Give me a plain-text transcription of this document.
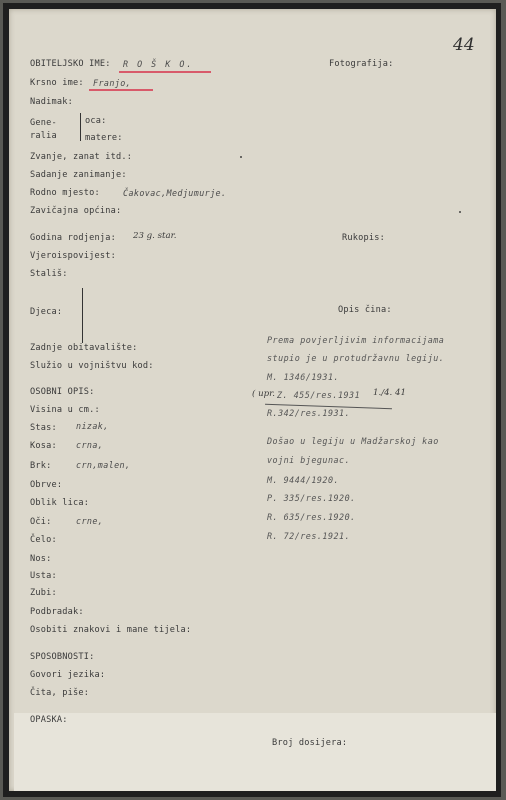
44
OBITELJSKO IME: R O Š K O.	Fotografija:
Krsno ime: Franjo,
Nadimak:
Gene-
ralia
oca:
matere:
Zvanje, zanat itd.:
Sadanje zanimanje:
Rodno mjesto:	Čakovac,Medjumurje.
Zavičajna općina:
Godina rodjenja: 23 g. star.	Rukopis:
Vjeroispovijest:
Stališ:
Djeca:	Opis čina:
Zadnje obitavalište:
Služio u vojništvu kod:
Prema povjerljivim informacijama
stupio je u protudržavnu legiju.
M. 1346/1931.
( upr. Z. 455/res.1931 1./4. 41
R.342/res.1931.
OSOBNI OPIS:
Visina u cm.:
Stas: nizak,
Kosa: crna,
Brk:	crn,malen,
Obrve:
Oblik lica:
Oči:	crne,
Čelo:
Nos:
Usta:
Zubi:
Podbradak:
Osobiti znakovi i mane tijela:
Došao u legiju u Madžarskoj kao
vojni bjegunac.
M. 9444/1920.
P. 335/res.1920.
R. 635/res.1920.
R. 72/res.1921.
SPOSOBNOSTI:
Govori jezika:
Čita, piše:
OPASKA:
Broj dosijera:
